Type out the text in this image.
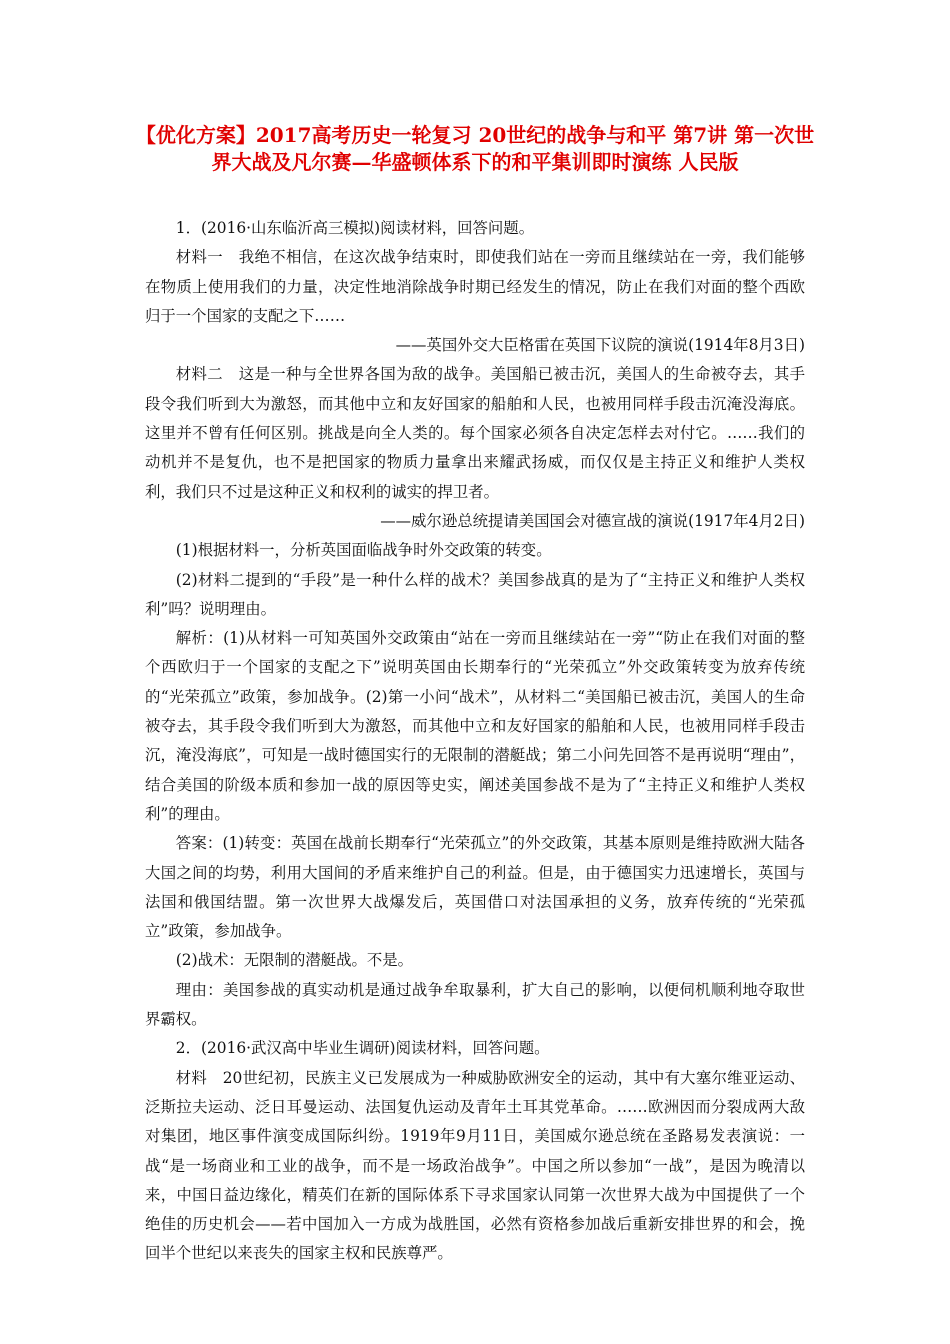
【优化方案】2017高考历史一轮复习 20世纪的战争与和平 第7讲 第一次世界大战及凡尔赛—华盛顿体系下的和平集训即时演练 人民版

1．(2016·山东临沂高三模拟)阅读材料，回答问题。

材料一　我绝不相信，在这次战争结束时，即使我们站在一旁而且继续站在一旁，我们能够在物质上使用我们的力量，决定性地消除战争时期已经发生的情况，防止在我们对面的整个西欧归于一个国家的支配之下……

——英国外交大臣格雷在英国下议院的演说(1914年8月3日)

材料二　这是一种与全世界各国为敌的战争。美国船已被击沉，美国人的生命被夺去，其手段令我们听到大为激怒，而其他中立和友好国家的船舶和人民，也被用同样手段击沉淹没海底。这里并不曾有任何区别。挑战是向全人类的。每个国家必须各自决定怎样去对付它。……我们的动机并不是复仇，也不是把国家的物质力量拿出来耀武扬威，而仅仅是主持正义和维护人类权利，我们只不过是这种正义和权利的诚实的捍卫者。

——威尔逊总统提请美国国会对德宣战的演说(1917年4月2日)

(1)根据材料一，分析英国面临战争时外交政策的转变。

(2)材料二提到的“手段”是一种什么样的战术？美国参战真的是为了“主持正义和维护人类权利”吗？说明理由。

解析：(1)从材料一可知英国外交政策由“站在一旁而且继续站在一旁”“防止在我们对面的整个西欧归于一个国家的支配之下”说明英国由长期奉行的“光荣孤立”外交政策转变为放弃传统的“光荣孤立”政策，参加战争。(2)第一小问“战术”，从材料二“美国船已被击沉，美国人的生命被夺去，其手段令我们听到大为激怒，而其他中立和友好国家的船舶和人民，也被用同样手段击沉，淹没海底”，可知是一战时德国实行的无限制的潜艇战；第二小问先回答不是再说明“理由”，结合美国的阶级本质和参加一战的原因等史实，阐述美国参战不是为了“主持正义和维护人类权利”的理由。

答案：(1)转变：英国在战前长期奉行“光荣孤立”的外交政策，其基本原则是维持欧洲大陆各大国之间的均势，利用大国间的矛盾来维护自己的利益。但是，由于德国实力迅速增长，英国与法国和俄国结盟。第一次世界大战爆发后，英国借口对法国承担的义务，放弃传统的“光荣孤立”政策，参加战争。

(2)战术：无限制的潜艇战。不是。

理由：美国参战的真实动机是通过战争牟取暴利，扩大自己的影响，以便伺机顺利地夺取世界霸权。

2．(2016·武汉高中毕业生调研)阅读材料，回答问题。

材料　20世纪初，民族主义已发展成为一种威胁欧洲安全的运动，其中有大塞尔维亚运动、泛斯拉夫运动、泛日耳曼运动、法国复仇运动及青年土耳其党革命。……欧洲因而分裂成两大敌对集团，地区事件演变成国际纠纷。1919年9月11日，美国威尔逊总统在圣路易发表演说：一战“是一场商业和工业的战争，而不是一场政治战争”。中国之所以参加“一战”，是因为晚清以来，中国日益边缘化，精英们在新的国际体系下寻求国家认同第一次世界大战为中国提供了一个绝佳的历史机会——若中国加入一方成为战胜国，必然有资格参加战后重新安排世界的和会，挽回半个世纪以来丧失的国家主权和民族尊严。
